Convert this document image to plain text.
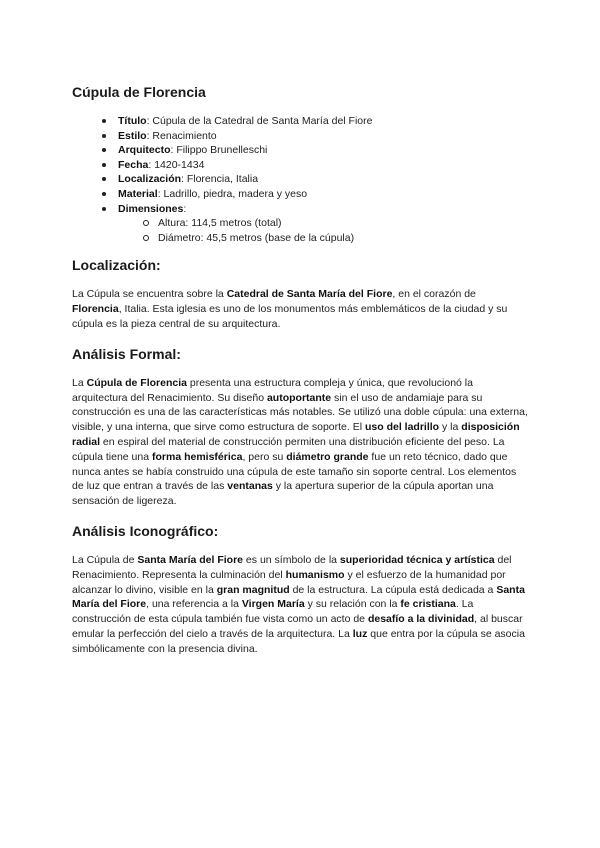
Cúpula de Florencia
Título: Cúpula de la Catedral de Santa María del Fiore
Estilo: Renacimiento
Arquitecto: Filippo Brunelleschi
Fecha: 1420-1434
Localización: Florencia, Italia
Material: Ladrillo, piedra, madera y yeso
Dimensiones:
Altura: 114,5 metros (total)
Diámetro: 45,5 metros (base de la cúpula)
Localización:

La Cúpula se encuentra sobre la Catedral de Santa María del Fiore, en el corazón de Florencia, Italia. Esta iglesia es uno de los monumentos más emblemáticos de la ciudad y su cúpula es la pieza central de su arquitectura.

Análisis Formal:

La Cúpula de Florencia presenta una estructura compleja y única, que revolucionó la arquitectura del Renacimiento. Su diseño autoportante sin el uso de andamiaje para su construcción es una de las características más notables. Se utilizó una doble cúpula: una externa, visible, y una interna, que sirve como estructura de soporte. El uso del ladrillo y la disposición radial en espiral del material de construcción permiten una distribución eficiente del peso. La cúpula tiene una forma hemisférica, pero su diámetro grande fue un reto técnico, dado que nunca antes se había construido una cúpula de este tamaño sin soporte central. Los elementos de luz que entran a través de las ventanas y la apertura superior de la cúpula aportan una sensación de ligereza.

Análisis Iconográfico:

La Cúpula de Santa María del Fiore es un símbolo de la superioridad técnica y artística del Renacimiento. Representa la culminación del humanismo y el esfuerzo de la humanidad por alcanzar lo divino, visible en la gran magnitud de la estructura. La cúpula está dedicada a Santa María del Fiore, una referencia a la Virgen María y su relación con la fe cristiana. La construcción de esta cúpula también fue vista como un acto de desafío a la divinidad, al buscar emular la perfección del cielo a través de la arquitectura. La luz que entra por la cúpula se asocia simbólicamente con la presencia divina.
